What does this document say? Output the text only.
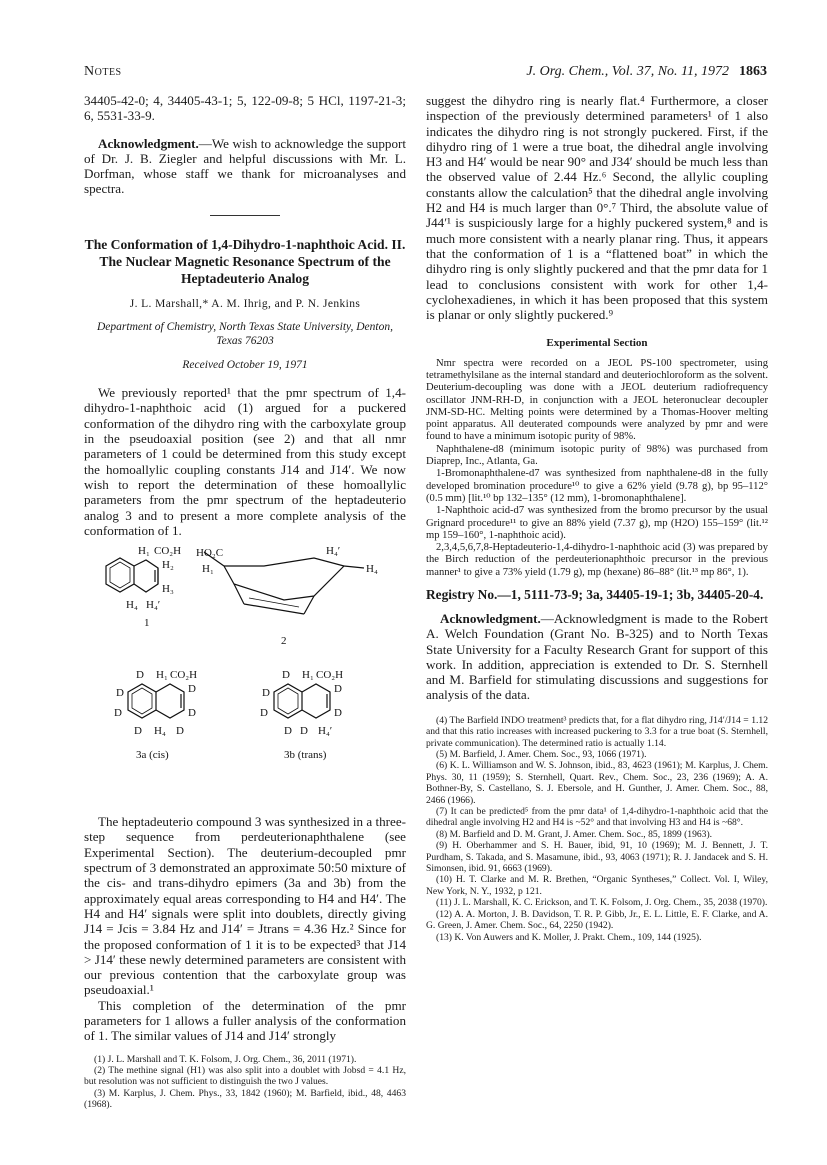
Notes	J. Org. Chem., Vol. 37, No. 11, 1972 1863

34405-42-0; 4, 34405-43-1; 5, 122-09-8; 5 HCl, 1197-21-3; 6, 5531-33-9.

Acknowledgment.—We wish to acknowledge the support of Dr. J. B. Ziegler and helpful discussions with Mr. L. Dorfman, whose staff we thank for microanalyses and spectra.

The Conformation of 1,4-Dihydro-1-naphthoic Acid. II. The Nuclear Magnetic Resonance Spectrum of the Heptadeuterio Analog

J. L. Marshall,* A. M. Ihrig, and P. N. Jenkins

Department of Chemistry, North Texas State University, Denton, Texas 76203

Received October 19, 1971

We previously reported¹ that the pmr spectrum of 1,4-dihydro-1-naphthoic acid (1) argued for a puckered conformation of the dihydro ring with the carboxylate group in the pseudoaxial position (see 2) and that all nmr parameters of 1 could be determined from this study except the homoallylic coupling constants J14 and J14′. We now wish to report the determination of these homoallylic parameters from the pmr spectrum of the heptadeuterio analog 3 and to present a more complete analysis of the conformation of 1.

H₁ CO₂H
H₂
H₃
H₄ H₄′
1
HO₂C
H₁
H₄′
H₄
2
D H₁ CO₂H
D
D
D	D
D H₄ D
3a (cis)
D H₁ CO₂H
D
D
D	D
D D H₄′
3b (trans)

The heptadeuterio compound 3 was synthesized in a three-step sequence from perdeuterionaphthalene (see Experimental Section). The deuterium-decoupled pmr spectrum of 3 demonstrated an approximate 50:50 mixture of the cis- and trans-dihydro epimers (3a and 3b) from the approximately equal areas corresponding to H4 and H4′. The H4 and H4′ signals were split into doublets, directly giving J14 = Jcis = 3.84 Hz and J14′ = Jtrans = 4.36 Hz.² Since for the proposed conformation of 1 it is to be expected³ that J14 > J14′ these newly determined parameters are consistent with our previous contention that the carboxylate group was pseudoaxial.¹

This completion of the determination of the pmr parameters for 1 allows a fuller analysis of the conformation of 1. The similar values of J14 and J14′ strongly

(1) J. L. Marshall and T. K. Folsom, J. Org. Chem., 36, 2011 (1971).

(2) The methine signal (H1) was also split into a doublet with Jobsd = 4.1 Hz, but resolution was not sufficient to distinguish the two J values.

(3) M. Karplus, J. Chem. Phys., 33, 1842 (1960); M. Barfield, ibid., 48, 4463 (1968).

suggest the dihydro ring is nearly flat.⁴ Furthermore, a closer inspection of the previously determined parameters¹ of 1 also indicates the dihydro ring is not strongly puckered. First, if the dihydro ring of 1 were a true boat, the dihedral angle involving H3 and H4′ would be near 90° and J34′ should be much less than the observed value of 2.44 Hz.⁶ Second, the allylic coupling constants allow the calculation⁵ that the dihedral angle involving H2 and H4 is much larger than 0°.⁷ Third, the absolute value of J44′¹ is suspiciously large for a highly puckered system,⁸ and is much more consistent with a nearly planar ring. Thus, it appears that the conformation of 1 is a “flattened boat” in which the dihydro ring is only slightly puckered and that the pmr data for 1 lead to conclusions consistent with work for other 1,4-cyclohexadienes, in which it has been proposed that this system is planar or only slightly puckered.⁹

Experimental Section

Nmr spectra were recorded on a JEOL PS-100 spectrometer, using tetramethylsilane as the internal standard and deuteriochloroform as the solvent. Deuterium-decoupling was done with a JEOL deuterium radiofrequency oscillator JNM-RH-D, in conjunction with a JEOL heteronuclear decoupler JNM-SD-HC. Melting points were determined by a Thomas-Hoover melting point apparatus. All deuterated compounds were analyzed by pmr and were found to have a minimum isotopic purity of 98%.

Naphthalene-d8 (minimum isotopic purity of 98%) was purchased from Diaprep, Inc., Atlanta, Ga.

1-Bromonaphthalene-d7 was synthesized from naphthalene-d8 in the fully developed bromination procedure¹⁰ to give a 62% yield (9.78 g), bp 95–112° (0.5 mm) [lit.¹⁰ bp 132–135° (12 mm), 1-bromonaphthalene].

1-Naphthoic acid-d7 was synthesized from the bromo precursor by the usual Grignard procedure¹¹ to give an 88% yield (7.37 g), mp (H2O) 155–159° (lit.¹² mp 159–160°, 1-naphthoic acid).

2,3,4,5,6,7,8-Heptadeuterio-1,4-dihydro-1-naphthoic acid (3) was prepared by the Birch reduction of the perdeuterionaphthoic precursor in the previous manner¹ to give a 73% yield (1.79 g), mp (hexane) 86–88° (lit.¹³ mp 86°, 1).

Registry No.—1, 5111-73-9; 3a, 34405-19-1; 3b, 34405-20-4.

Acknowledgment.—Acknowledgment is made to the Robert A. Welch Foundation (Grant No. B-325) and to North Texas State University for a Faculty Research Grant for support of this work. In addition, appreciation is extended to Dr. S. Sternhell and M. Barfield for stimulating discussions and suggestions for analysis of the data.

(4) The Barfield INDO treatment³ predicts that, for a flat dihydro ring, J14′/J14 = 1.12 and that this ratio increases with increased puckering to 3.3 for a true boat (S. Sternhell, private communication). The determined ratio is actually 1.14.

(5) M. Barfield, J. Amer. Chem. Soc., 93, 1066 (1971).

(6) K. L. Williamson and W. S. Johnson, ibid., 83, 4623 (1961); M. Karplus, J. Chem. Phys. 30, 11 (1959); S. Sternhell, Quart. Rev., Chem. Soc., 23, 236 (1969); A. A. Bothner-By, S. Castellano, S. J. Ebersole, and H. Gunther, J. Amer. Chem. Soc., 88, 2466 (1966).

(7) It can be predicted⁵ from the pmr data¹ of 1,4-dihydro-1-naphthoic acid that the dihedral angle involving H2 and H4 is ~52° and that involving H3 and H4 is ~68°.

(8) M. Barfield and D. M. Grant, J. Amer. Chem. Soc., 85, 1899 (1963).

(9) H. Oberhammer and S. H. Bauer, ibid, 91, 10 (1969); M. J. Bennett, J. T. Purdham, S. Takada, and S. Masamune, ibid., 93, 4063 (1971); R. J. Jandacek and S. H. Simonsen, ibid. 91, 6663 (1969).

(10) H. T. Clarke and M. R. Brethen, “Organic Syntheses,” Collect. Vol. I, Wiley, New York, N. Y., 1932, p 121.

(11) J. L. Marshall, K. C. Erickson, and T. K. Folsom, J. Org. Chem., 35, 2038 (1970).

(12) A. A. Morton, J. B. Davidson, T. R. P. Gibb, Jr., E. L. Little, E. F. Clarke, and A. G. Green, J. Amer. Chem. Soc., 64, 2250 (1942).

(13) K. Von Auwers and K. Moller, J. Prakt. Chem., 109, 144 (1925).
